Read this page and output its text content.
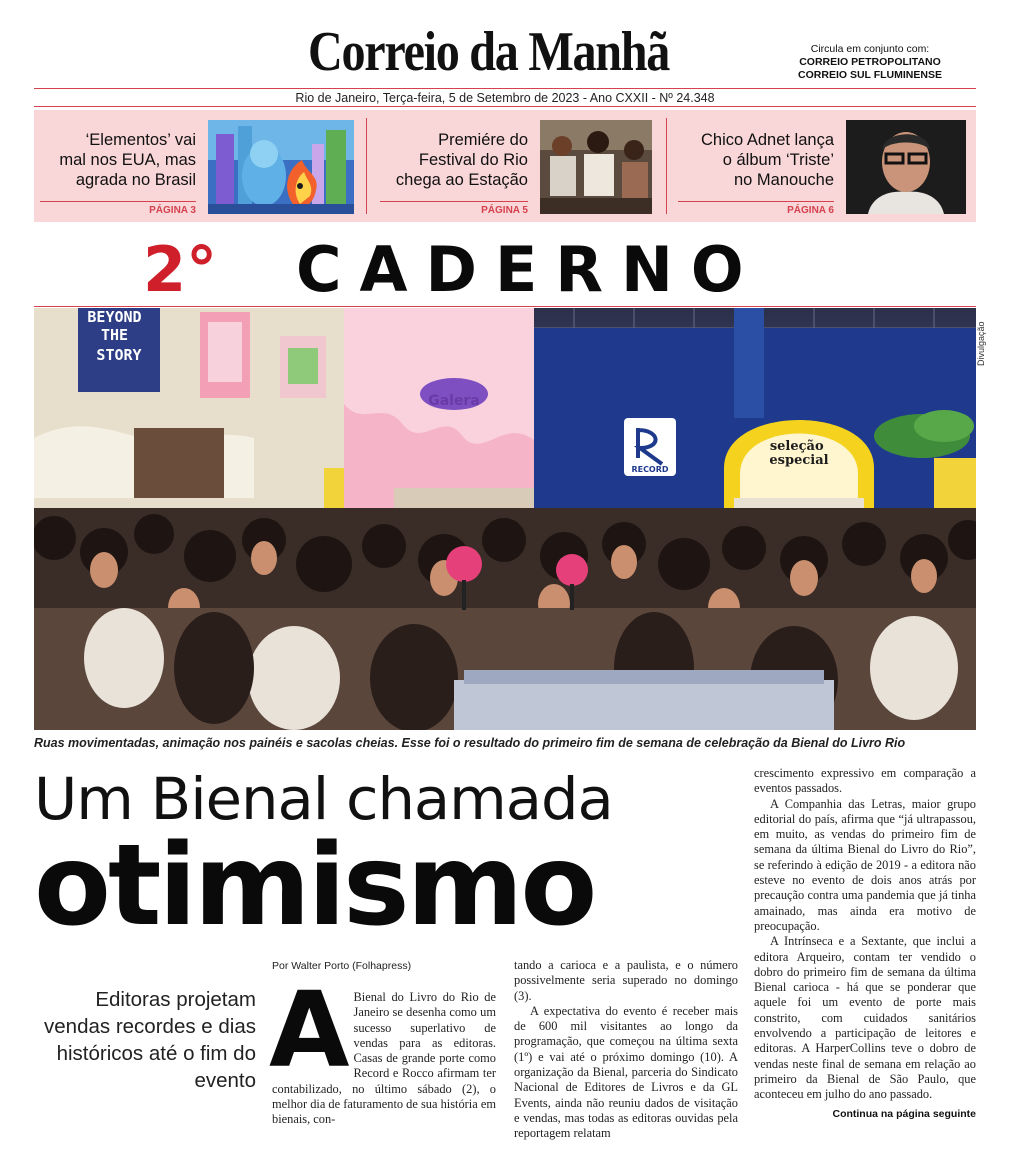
Correio da Manhã	Circula em conjunto com:
CORREIO PETROPOLITANO
CORREIO SUL FLUMINENSE
Rio de Janeiro, Terça-feira, 5 de Setembro de 2023 - Ano CXXII - Nº 24.348
‘Elementos’ vai
mal nos EUA, mas
agrada no Brasil
PÁGINA 3
Premiére do
Festival do Rio
chega ao Estação
PÁGINA 5
Chico Adnet lança
o álbum ‘Triste’
no Manouche
PÁGINA 6
2° CADERNO
BEYOND THE STORY
Galera
RECORD
seleção especial
Divulgação
Ruas movimentadas, animação nos painéis e sacolas cheias. Esse foi o resultado do primeiro fim de semana de celebração da Bienal do Livro Rio
Um Bienal chamada
otimismo
Por Walter Porto (Folhapress)
Editoras projetam vendas recordes e dias históricos até o fim do evento A Bienal do Livro do Rio de Janeiro se desenha como um sucesso superlativo de vendas para as editoras. Casas de grande porte como Record e Rocco afirmam ter contabilizado, no último sábado (2), o melhor dia de faturamento de sua história em bienais, con-

tando a carioca e a paulista, e o número possivelmente seria superado no domingo (3).

A expectativa do evento é receber mais de 600 mil visitantes ao longo da programação, que começou na última sexta (1º) e vai até o próximo domingo (10). A organização da Bienal, parceria do Sindicato Nacional de Editores de Livros e da GL Events, ainda não reuniu dados de visitação e vendas, mas todas as editoras ouvidas pela reportagem relatam

crescimento expressivo em comparação a eventos passados.

A Companhia das Letras, maior grupo editorial do país, afirma que “já ultrapassou, em muito, as vendas do primeiro fim de semana da última Bienal do Livro do Rio”, se referindo à edição de 2019 - a editora não esteve no evento de dois anos atrás por precaução contra uma pandemia que já tinha amainado, mas ainda era motivo de preocupação.

A Intrínseca e a Sextante, que inclui a editora Arqueiro, contam ter vendido o dobro do primeiro fim de semana da última Bienal carioca - há que se ponderar que aquele foi um evento de porte mais constrito, com cuidados sanitários envolvendo a participação de leitores e editoras. A HarperCollins teve o dobro de vendas neste final de semana em relação ao primeiro da Bienal de São Paulo, que aconteceu em julho do ano passado.

Continua na página seguinte
